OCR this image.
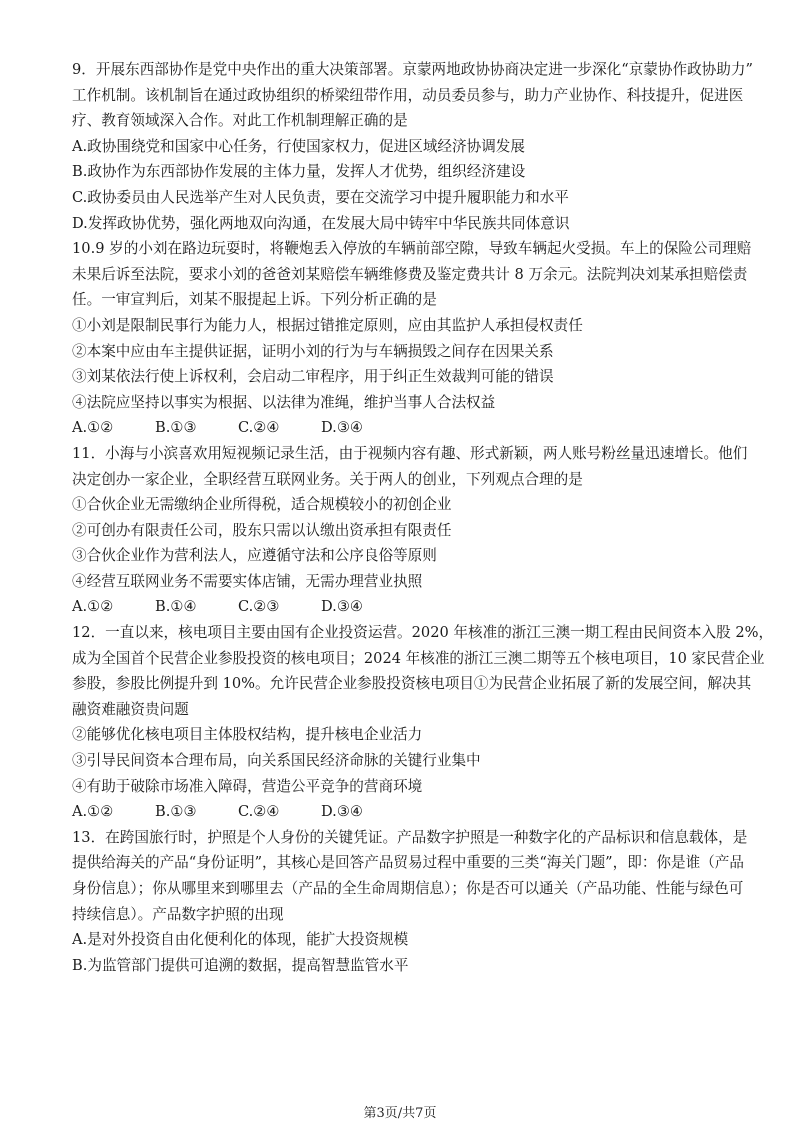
9．开展东西部协作是党中央作出的重大决策部署。京蒙两地政协协商决定进一步深化“京蒙协作政协助力”
工作机制。该机制旨在通过政协组织的桥梁纽带作用，动员委员参与，助力产业协作、科技提升，促进医
疗、教育领域深入合作。对此工作机制理解正确的是
A.政协围绕党和国家中心任务，行使国家权力，促进区域经济协调发展
B.政协作为东西部协作发展的主体力量，发挥人才优势，组织经济建设
C.政协委员由人民选举产生对人民负责，要在交流学习中提升履职能力和水平
D.发挥政协优势，强化两地双向沟通，在发展大局中铸牢中华民族共同体意识
10.9 岁的小刘在路边玩耍时，将鞭炮丢入停放的车辆前部空隙，导致车辆起火受损。车上的保险公司理赔
未果后诉至法院，要求小刘的爸爸刘某赔偿车辆维修费及鉴定费共计 8 万余元。法院判决刘某承担赔偿责
任。一审宣判后，刘某不服提起上诉。下列分析正确的是
①小刘是限制民事行为能力人，根据过错推定原则，应由其监护人承担侵权责任
②本案中应由车主提供证据，证明小刘的行为与车辆损毁之间存在因果关系
③刘某依法行使上诉权利，会启动二审程序，用于纠正生效裁判可能的错误
④法院应坚持以事实为根据、以法律为准绳，维护当事人合法权益
A.①②	B.①③	C.②④	D.③④
11．小海与小滨喜欢用短视频记录生活，由于视频内容有趣、形式新颖，两人账号粉丝量迅速增长。他们
决定创办一家企业，全职经营互联网业务。关于两人的创业，下列观点合理的是
①合伙企业无需缴纳企业所得税，适合规模较小的初创企业
②可创办有限责任公司，股东只需以认缴出资承担有限责任
③合伙企业作为营利法人，应遵循守法和公序良俗等原则
④经营互联网业务不需要实体店铺，无需办理营业执照
A.①②	B.①④	C.②③	D.③④
12．一直以来，核电项目主要由国有企业投资运营。2020 年核准的浙江三澳一期工程由民间资本入股 2%，
成为全国首个民营企业参股投资的核电项目；2024 年核准的浙江三澳二期等五个核电项目，10 家民营企业
参股，参股比例提升到 10%。允许民营企业参股投资核电项目①为民营企业拓展了新的发展空间，解决其
融资难融资贵问题
②能够优化核电项目主体股权结构，提升核电企业活力
③引导民间资本合理布局，向关系国民经济命脉的关键行业集中
④有助于破除市场准入障碍，营造公平竞争的营商环境
A.①②	B.①③	C.②④	D.③④
13．在跨国旅行时，护照是个人身份的关键凭证。产品数字护照是一种数字化的产品标识和信息载体，是
提供给海关的产品“身份证明”，其核心是回答产品贸易过程中重要的三类“海关门题”，即：你是谁（产品
身份信息）；你从哪里来到哪里去（产品的全生命周期信息）；你是否可以通关（产品功能、性能与绿色可
持续信息）。产品数字护照的出现
A.是对外投资自由化便利化的体现，能扩大投资规模
B.为监管部门提供可追溯的数据，提高智慧监管水平
第3页/共7页
